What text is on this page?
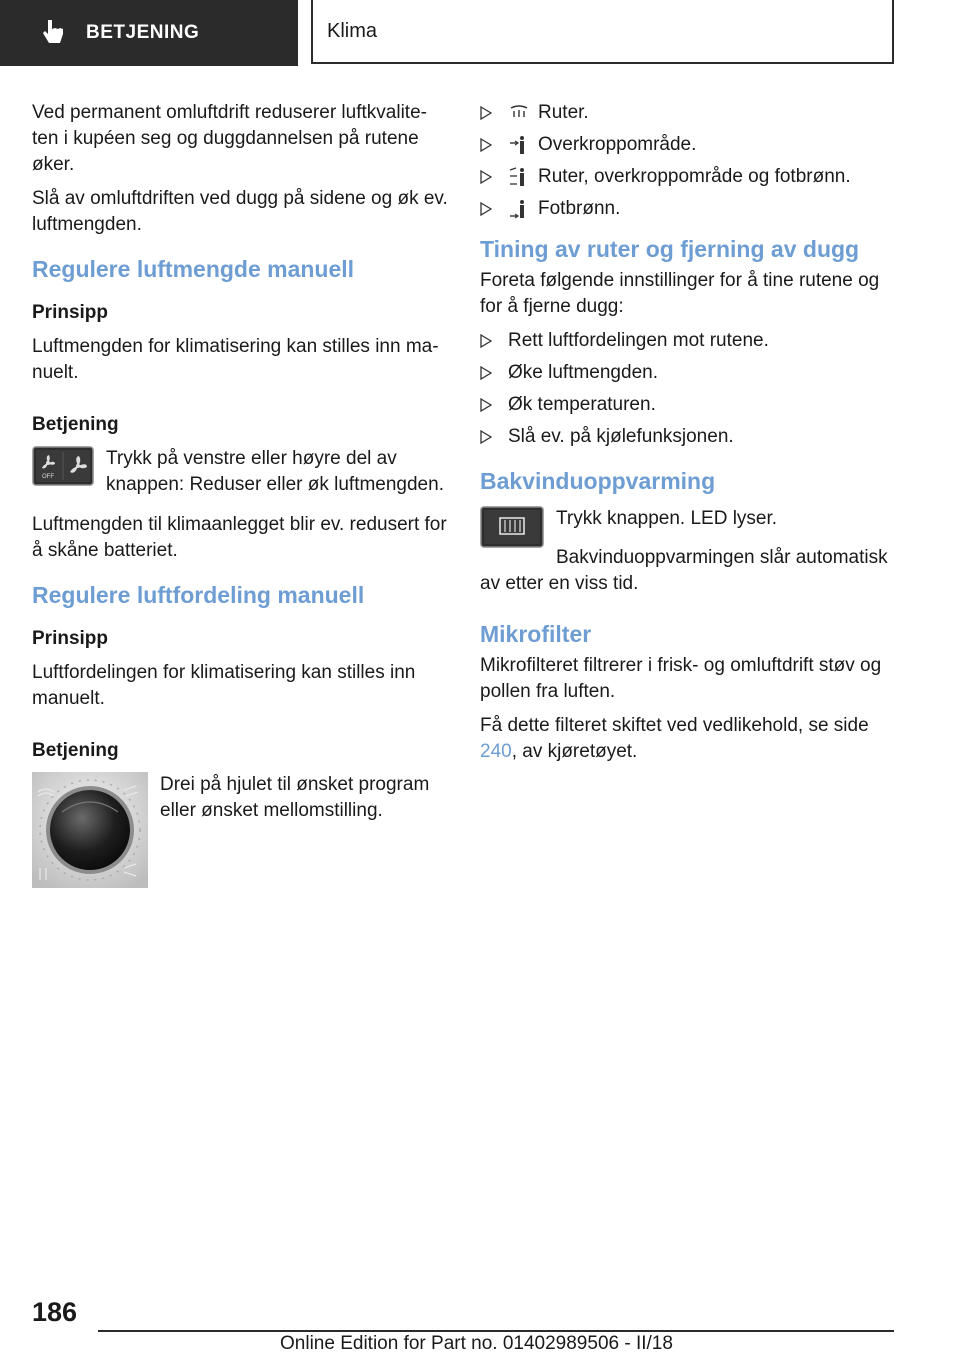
BETJENING	Klima

Ved permanent omluftdrift reduserer luftkvalite-ten i kupéen seg og duggdannelsen på rutene øker.

Slå av omluftdriften ved dugg på sidene og øk ev. luftmengden.

Regulere luftmengde manuell
Prinsipp

Luftmengden for klimatisering kan stilles inn ma-nuelt.

Betjening
OFF

Trykk på venstre eller høyre del av knappen: Reduser eller øk luftmengden.

Luftmengden til klimaanlegget blir ev. redusert for å skåne batteriet.

Regulere luftfordeling manuell
Prinsipp

Luftfordelingen for klimatisering kan stilles inn manuelt.

Betjening

Drei på hjulet til ønsket program eller ønsket mellomstilling.

Ruter.
Overkroppområde.
Ruter, overkroppområde og fotbrønn.
Fotbrønn.
Tining av ruter og fjerning av dugg

Foreta følgende innstillinger for å tine rutene og for å fjerne dugg:

Rett luftfordelingen mot rutene.
Øke luftmengden.
Øk temperaturen.
Slå ev. på kjølefunksjonen.
Bakvinduoppvarming

Trykk knappen. LED lyser.

Bakvinduoppvarmingen slår automatisk av etter en viss tid.

Mikrofilter

Mikrofilteret filtrerer i frisk- og omluftdrift støv og pollen fra luften.

Få dette filteret skiftet ved vedlikehold, se side 240, av kjøretøyet.

186
Online Edition for Part no. 01402989506 - II/18
